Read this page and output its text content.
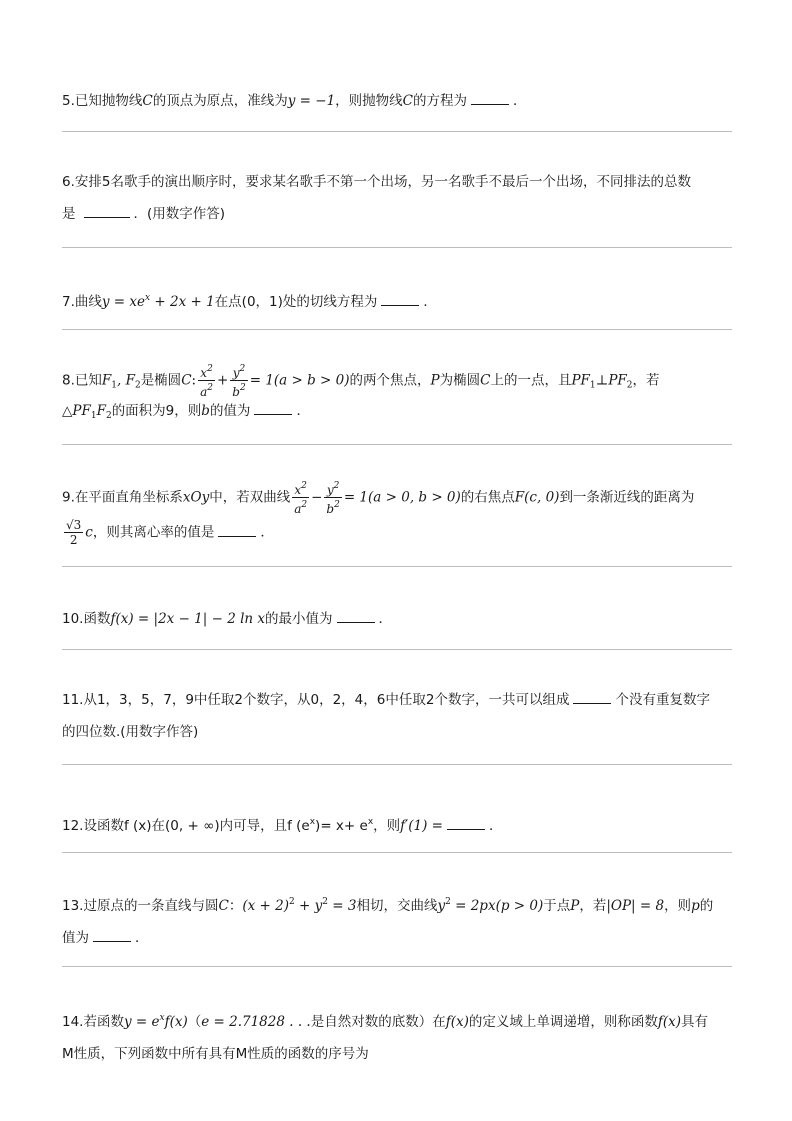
5.已知抛物线C的顶点为原点，准线为y = −1，则抛物线C的方程为	．
6.安排5名歌手的演出顺序时，要求某名歌手不第一个出场，另一名歌手不最后一个出场，不同排法的总数
是	．(用数字作答)
7.曲线$y = xe^x + 2x + 1$在点(0，1)处的切线方程为	．
8.已知$F_1$, $F_2$是椭圆C: $\frac{x^2}{a^2} + \frac{y^2}{b^2} = 1(a > b > 0)$的两个焦点，P为椭圆C上的一点，且$PF_1\perp PF_2$，若
$\triangle PF_1F_2$的面积为9，则b的值为	．
9.在平面直角坐标系xOy中，若双曲线 $\frac{x^2}{a^2} - \frac{y^2}{b^2} = 1(a > 0$, b > 0)的右焦点F(c, 0)到一条渐近线的距离为
$\frac{√3}{2}$ c，则其离心率的值是	．
10.函数f(x) = |2x − 1| − 2 ln x的最小值为	．
11.从1，3，5，7，9中任取2个数字，从0，2，4，6中任取2个数字，一共可以组成	个没有重复数字
的四位数.(用数字作答)
12.设函数f (x)在(0, + ∞)内可导，且f $(e^x)= x+ e^x$，则f′(1) =	．
13.过原点的一条直线与圆C：$(x + 2)^2 + y^2 = 3$相切，交曲线$y^2 = 2px(p > 0)$于点P，若|OP| = 8，则p的
值为	．
14.若函数$y = e^xf(x)(e = 2.71828$ . . .是自然对数的底数）在f(x)的定义域上单调递增，则称函数f(x)具有
M性质，下列函数中所有具有M性质的函数的序号为
